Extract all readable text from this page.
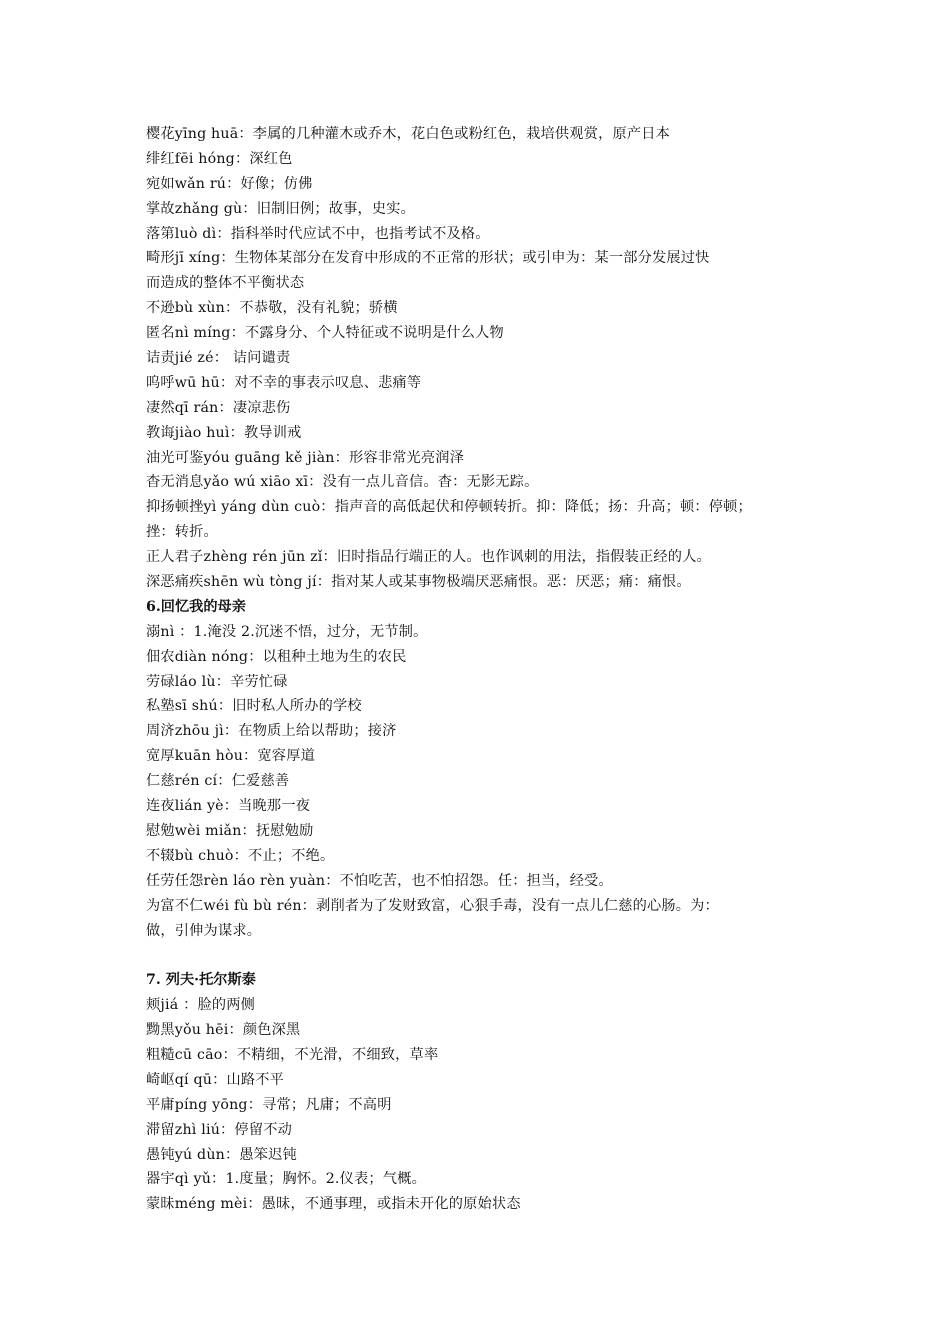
樱花yīng huā：李属的几种灌木或乔木，花白色或粉红色，栽培供观赏，原产日本
绯红fēi hóng：深红色
宛如wǎn rú：好像；仿佛
掌故zhǎng gù：旧制旧例；故事，史实。
落第luò dì：指科举时代应试不中，也指考试不及格。
畸形jī xíng：生物体某部分在发育中形成的不正常的形状；或引申为：某一部分发展过快
而造成的整体不平衡状态
不逊bù xùn：不恭敬，没有礼貌；骄横
匿名nì míng：不露身分、个人特征或不说明是什么人物
诘责jié zé： 诘问谴责
呜呼wū hū：对不幸的事表示叹息、悲痛等
凄然qī rán：凄凉悲伤
教诲jiào huì：教导训戒
油光可鉴yóu guāng kě jiàn：形容非常光亮润泽
杳无消息yǎo wú xiāo xī：没有一点儿音信。杳：无影无踪。
抑扬顿挫yì yáng dùn cuò：指声音的高低起伏和停顿转折。抑：降低；扬：升高；顿：停顿；
挫：转折。
正人君子zhèng rén jūn zǐ：旧时指品行端正的人。也作讽刺的用法，指假装正经的人。
深恶痛疾shēn wù tòng jí：指对某人或某事物极端厌恶痛恨。恶：厌恶；痛：痛恨。
6.回忆我的母亲
溺nì ：1.淹没 2.沉迷不悟，过分，无节制。
佃农diàn nóng：以租种土地为生的农民
劳碌láo lù：辛劳忙碌
私塾sī shú：旧时私人所办的学校
周济zhōu jì：在物质上给以帮助；接济
宽厚kuān hòu：宽容厚道
仁慈rén cí：仁爱慈善
连夜lián yè：当晚那一夜
慰勉wèi miǎn：抚慰勉励
不辍bù chuò：不止；不绝。
任劳任怨rèn láo rèn yuàn：不怕吃苦，也不怕招怨。任：担当，经受。
为富不仁wéi fù bù rén：剥削者为了发财致富，心狠手毒，没有一点儿仁慈的心肠。为：
做，引伸为谋求。
7. 列夫·托尔斯泰
颊jiá ：脸的两侧
黝黑yǒu hēi：颜色深黑
粗糙cū cāo：不精细，不光滑，不细致，草率
崎岖qí qū：山路不平
平庸píng yōng：寻常；凡庸；不高明
滞留zhì liú：停留不动
愚钝yú dùn：愚笨迟钝
器宇qì yǔ：1.度量；胸怀。2.仪表；气概。
蒙昧méng mèi：愚昧，不通事理，或指未开化的原始状态
